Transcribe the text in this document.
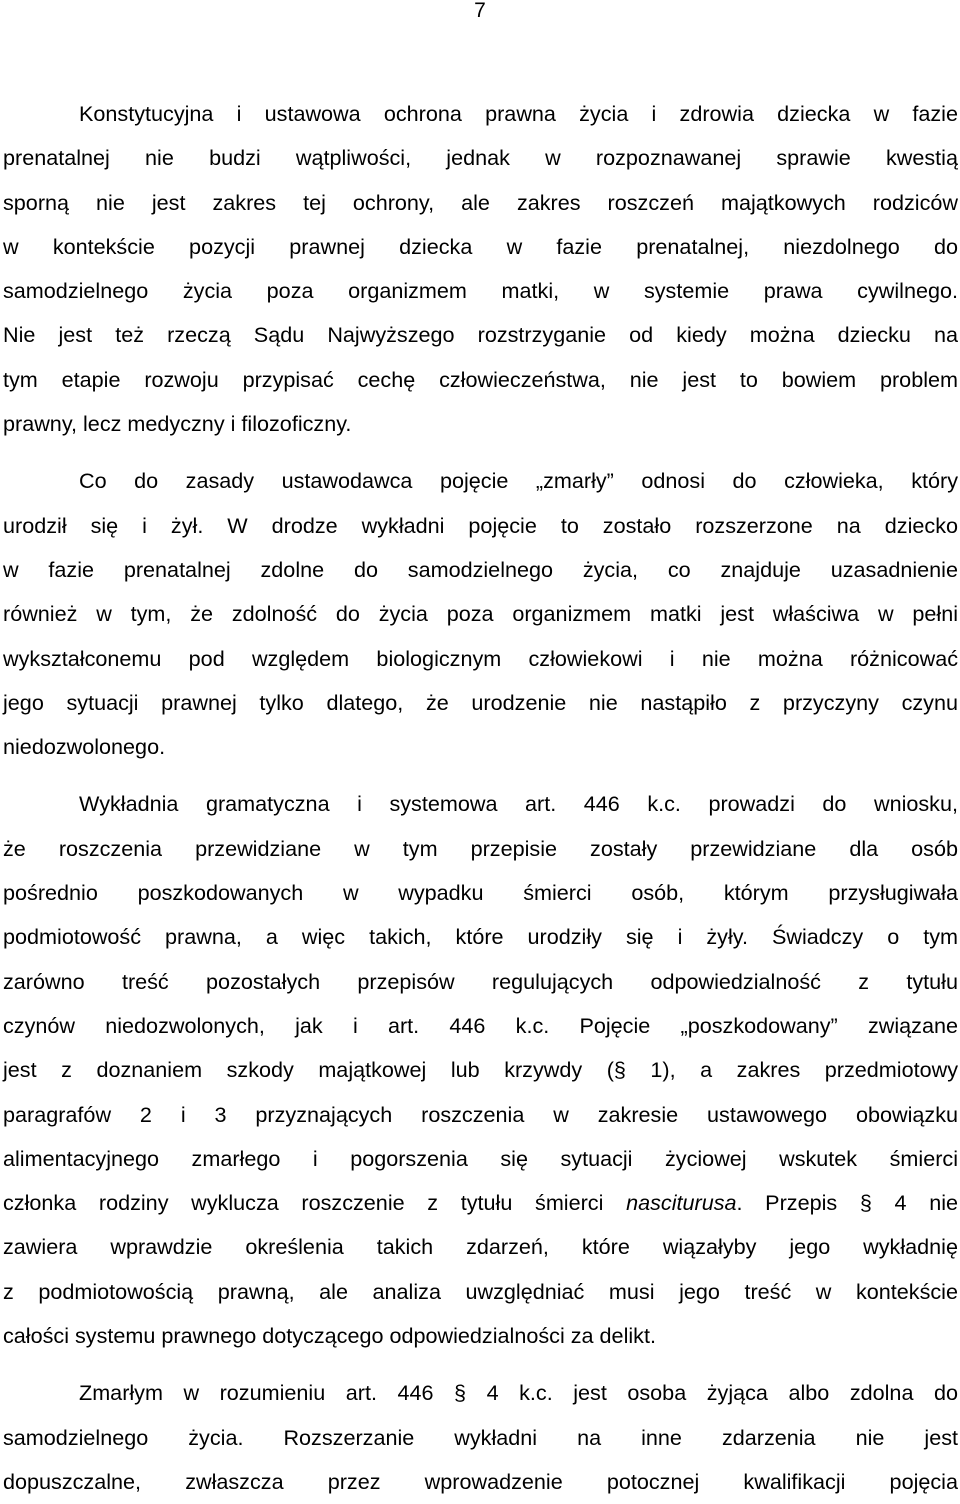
7
Konstytucyjna i ustawowa ochrona prawna życia i zdrowia dziecka w fazie
prenatalnej nie budzi wątpliwości, jednak w rozpoznawanej sprawie kwestią
sporną nie jest zakres tej ochrony, ale zakres roszczeń majątkowych rodziców
w kontekście pozycji prawnej dziecka w fazie prenatalnej, niezdolnego do
samodzielnego życia poza organizmem matki, w systemie prawa cywilnego.
Nie jest też rzeczą Sądu Najwyższego rozstrzyganie od kiedy można dziecku na
tym etapie rozwoju przypisać cechę człowieczeństwa, nie jest to bowiem problem
prawny, lecz medyczny i filozoficzny.
Co do zasady ustawodawca pojęcie „zmarły” odnosi do człowieka, który
urodził się i żył. W drodze wykładni pojęcie to zostało rozszerzone na dziecko
w fazie prenatalnej zdolne do samodzielnego życia, co znajduje uzasadnienie
również w tym, że zdolność do życia poza organizmem matki jest właściwa w pełni
wykształconemu pod względem biologicznym człowiekowi i nie można różnicować
jego sytuacji prawnej tylko dlatego, że urodzenie nie nastąpiło z przyczyny czynu
niedozwolonego.
Wykładnia gramatyczna i systemowa art. 446 k.c. prowadzi do wniosku,
że roszczenia przewidziane w tym przepisie zostały przewidziane dla osób
pośrednio poszkodowanych w wypadku śmierci osób, którym przysługiwała
podmiotowość prawna, a więc takich, które urodziły się i żyły. Świadczy o tym
zarówno treść pozostałych przepisów regulujących odpowiedzialność z tytułu
czynów niedozwolonych, jak i art. 446 k.c. Pojęcie „poszkodowany” związane
jest z doznaniem szkody majątkowej lub krzywdy (§ 1), a zakres przedmiotowy
paragrafów 2 i 3 przyznających roszczenia w zakresie ustawowego obowiązku
alimentacyjnego zmarłego i pogorszenia się sytuacji życiowej wskutek śmierci
członka rodziny wyklucza roszczenie z tytułu śmierci nasciturusa. Przepis § 4 nie
zawiera wprawdzie określenia takich zdarzeń, które wiązałyby jego wykładnię
z podmiotowością prawną, ale analiza uwzględniać musi jego treść w kontekście
całości systemu prawnego dotyczącego odpowiedzialności za delikt.
Zmarłym w rozumieniu art. 446 § 4 k.c. jest osoba żyjąca albo zdolna do
samodzielnego życia. Rozszerzanie wykładni na inne zdarzenia nie jest
dopuszczalne, zwłaszcza przez wprowadzenie potocznej kwalifikacji pojęcia
